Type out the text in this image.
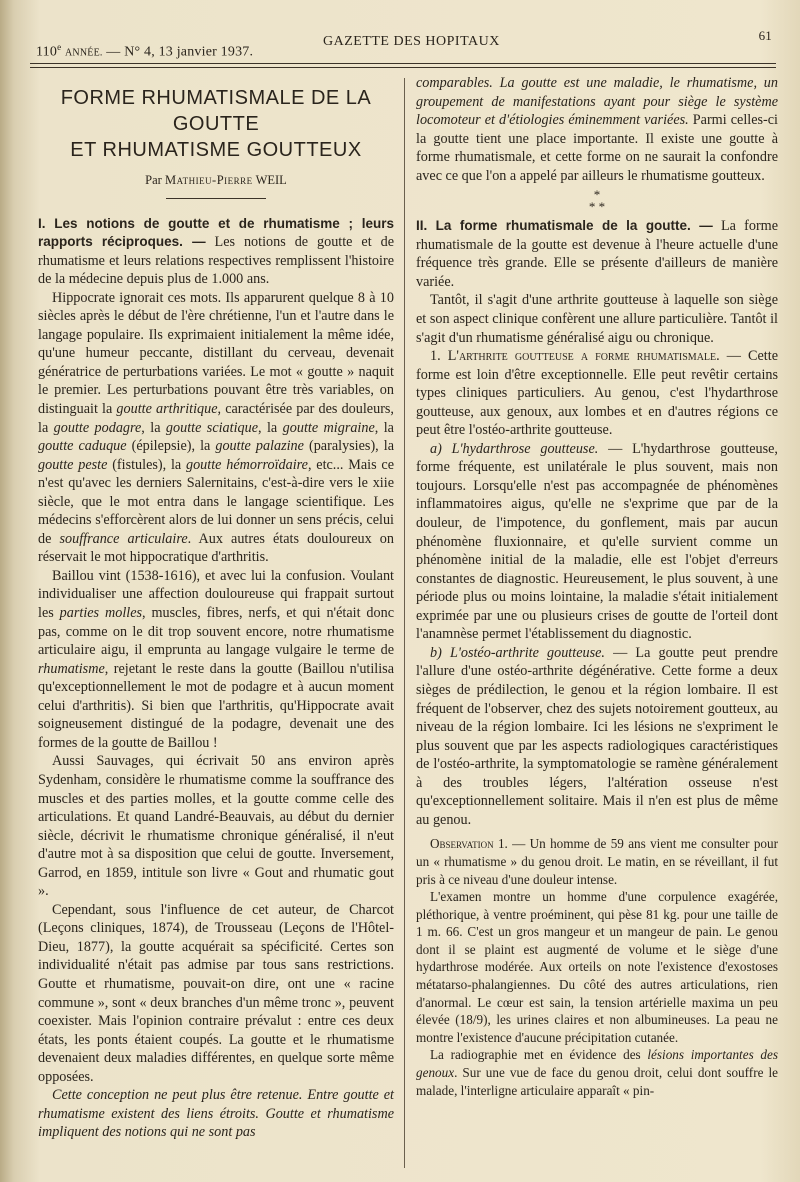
110e ANNÉE. — N° 4, 13 janvier 1937.
GAZETTE DES HOPITAUX	61
FORME RHUMATISMALE DE LA GOUTTE
ET RHUMATISME GOUTTEUX
Par Mathieu-Pierre WEIL

I. Les notions de goutte et de rhumatisme ; leurs rapports réciproques. — Les notions de goutte et de rhumatisme et leurs relations respectives remplissent l'histoire de la médecine depuis plus de 1.000 ans.

Hippocrate ignorait ces mots. Ils apparurent quelque 8 à 10 siècles après le début de l'ère chrétienne, l'un et l'autre dans le langage populaire. Ils exprimaient initialement la même idée, qu'une humeur peccante, distillant du cerveau, devenait génératrice de perturbations variées. Le mot « goutte » naquit le premier. Les perturbations pouvant être très variables, on distinguait la goutte arthritique, caractérisée par des douleurs, la goutte podagre, la goutte sciatique, la goutte migraine, la goutte caduque (épilepsie), la goutte palazine (paralysies), la goutte peste (fistules), la goutte hémorroïdaire, etc... Mais ce n'est qu'avec les derniers Salernitains, c'est-à-dire vers le xiie siècle, que le mot entra dans le langage scientifique. Les médecins s'efforcèrent alors de lui donner un sens précis, celui de souffrance articulaire. Aux autres états douloureux on réservait le mot hippocratique d'arthritis.

Baillou vint (1538-1616), et avec lui la confusion. Voulant individualiser une affection douloureuse qui frappait surtout les parties molles, muscles, fibres, nerfs, et qui n'était donc pas, comme on le dit trop souvent encore, notre rhumatisme articulaire aigu, il emprunta au langage vulgaire le terme de rhumatisme, rejetant le reste dans la goutte (Baillou n'utilisa qu'exceptionnellement le mot de podagre et à aucun moment celui d'arthritis). Si bien que l'arthritis, qu'Hippocrate avait soigneusement distingué de la podagre, devenait une des formes de la goutte de Baillou !

Aussi Sauvages, qui écrivait 50 ans environ après Sydenham, considère le rhumatisme comme la souffrance des muscles et des parties molles, et la goutte comme celle des articulations. Et quand Landré-Beauvais, au début du dernier siècle, décrivit le rhumatisme chronique généralisé, il n'eut d'autre mot à sa disposition que celui de goutte. Inversement, Garrod, en 1859, intitule son livre « Gout and rhumatic gout ».

Cependant, sous l'influence de cet auteur, de Charcot (Leçons cliniques, 1874), de Trousseau (Leçons de l'Hôtel-Dieu, 1877), la goutte acquérait sa spécificité. Certes son individualité n'était pas admise par tous sans restrictions. Goutte et rhumatisme, pouvait-on dire, ont une « racine commune », sont « deux branches d'un même tronc », peuvent coexister. Mais l'opinion contraire prévalut : entre ces deux états, les ponts étaient coupés. La goutte et le rhumatisme devenaient deux maladies différentes, en quelque sorte même opposées.

Cette conception ne peut plus être retenue. Entre goutte et rhumatisme existent des liens étroits. Goutte et rhumatisme impliquent des notions qui ne sont pas

comparables. La goutte est une maladie, le rhumatisme, un groupement de manifestations ayant pour siège le système locomoteur et d'étiologies éminemment variées. Parmi celles-ci la goutte tient une place importante. Il existe une goutte à forme rhumatismale, et cette forme on ne saurait la confondre avec ce que l'on a appelé par ailleurs le rhumatisme goutteux.

*
* *

II. La forme rhumatismale de la goutte. — La forme rhumatismale de la goutte est devenue à l'heure actuelle d'une fréquence très grande. Elle se présente d'ailleurs de manière variée.

Tantôt, il s'agit d'une arthrite goutteuse à laquelle son siège et son aspect clinique confèrent une allure particulière. Tantôt il s'agit d'un rhumatisme généralisé aigu ou chronique.

1. L'arthrite goutteuse a forme rhumatismale. — Cette forme est loin d'être exceptionnelle. Elle peut revêtir certains types cliniques particuliers. Au genou, c'est l'hydarthrose goutteuse, aux genoux, aux lombes et en d'autres régions ce peut être l'ostéo-arthrite goutteuse.

a) L'hydarthrose goutteuse. — L'hydarthrose goutteuse, forme fréquente, est unilatérale le plus souvent, mais non toujours. Lorsqu'elle n'est pas accompagnée de phénomènes inflammatoires aigus, qu'elle ne s'exprime que par de la douleur, de l'impotence, du gonflement, mais par aucun phénomène fluxionnaire, et qu'elle survient comme un phénomène initial de la maladie, elle est l'objet d'erreurs constantes de diagnostic. Heureusement, le plus souvent, à une période plus ou moins lointaine, la maladie s'était initialement exprimée par une ou plusieurs crises de goutte de l'orteil dont l'anamnèse permet l'établissement du diagnostic.

b) L'ostéo-arthrite goutteuse. — La goutte peut prendre l'allure d'une ostéo-arthrite dégénérative. Cette forme a deux sièges de prédilection, le genou et la région lombaire. Il est fréquent de l'observer, chez des sujets notoirement goutteux, au niveau de la région lombaire. Ici les lésions ne s'expriment le plus souvent que par les aspects radiologiques caractéristiques de l'ostéo-arthrite, la symptomatologie se ramène généralement à des troubles légers, l'altération osseuse n'est qu'exceptionnellement solitaire. Mais il n'en est plus de même au genou.

Observation 1. — Un homme de 59 ans vient me consulter pour un « rhumatisme » du genou droit. Le matin, en se réveillant, il fut pris à ce niveau d'une douleur intense.

L'examen montre un homme d'une corpulence exagérée, pléthorique, à ventre proéminent, qui pèse 81 kg. pour une taille de 1 m. 66. C'est un gros mangeur et un mangeur de pain. Le genou dont il se plaint est augmenté de volume et le siège d'une hydarthrose modérée. Aux orteils on note l'existence d'exostoses métatarso-phalangiennes. Du côté des autres articulations, rien d'anormal. Le cœur est sain, la tension artérielle maxima un peu élevée (18/9), les urines claires et non albumineuses. La peau ne montre l'existence d'aucune précipitation cutanée.

La radiographie met en évidence des lésions importantes des genoux. Sur une vue de face du genou droit, celui dont souffre le malade, l'interligne articulaire apparaît « pin-
